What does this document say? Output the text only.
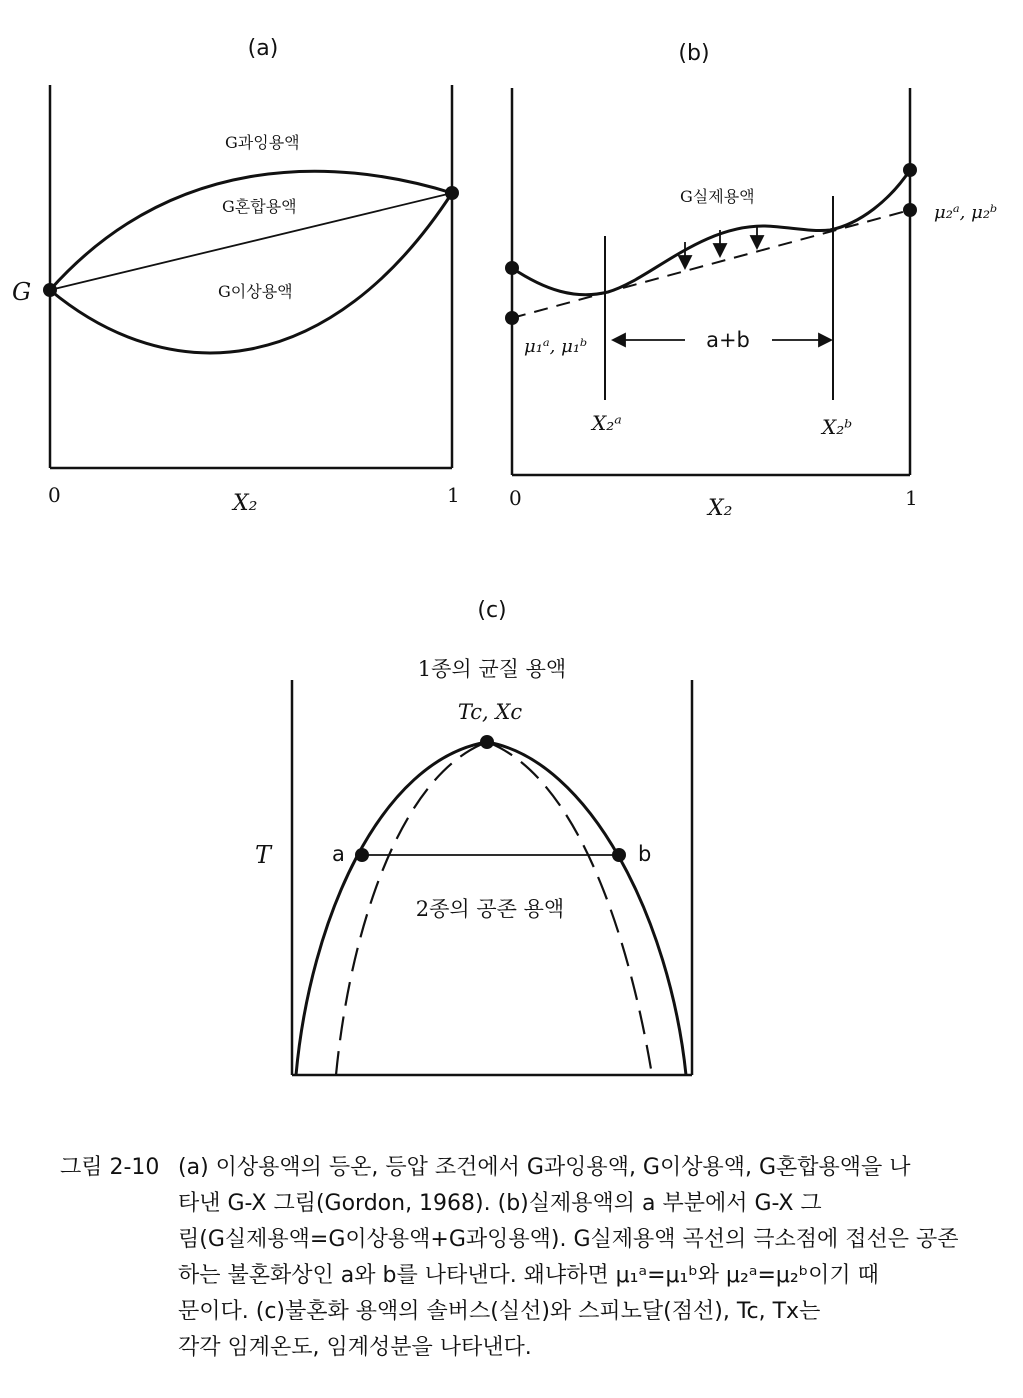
(a)
G과잉용액
G혼합용액
G이상용액
G
X₂
0	1
(b)
G실제용액
μ₁ᵃ, μ₁ᵇ
μ₂ᵃ, μ₂ᵇ
a+b
X₂ᵃ	X₂ᵇ
X₂
0	1
(c)
1종의 균질 용액
Tc, Xc
T	a	b
2종의 공존 용액
그림 2-10 (a) 이상용액의 등온, 등압 조건에서 G과잉용액, G이상용액, G혼합용액을 나
타낸 G-X 그림(Gordon, 1968). (b)실제용액의 a 부분에서 G-X 그
림(G실제용액=G이상용액+G과잉용액). G실제용액 곡선의 극소점에 접선은 공존
하는 불혼화상인 a와 b를 나타낸다. 왜냐하면 μ₁ᵃ=μ₁ᵇ와 μ₂ᵃ=μ₂ᵇ이기 때
문이다. (c)불혼화 용액의 솔버스(실선)와 스피노달(점선), Tc, Tx는
각각 임계온도, 임계성분을 나타낸다.
